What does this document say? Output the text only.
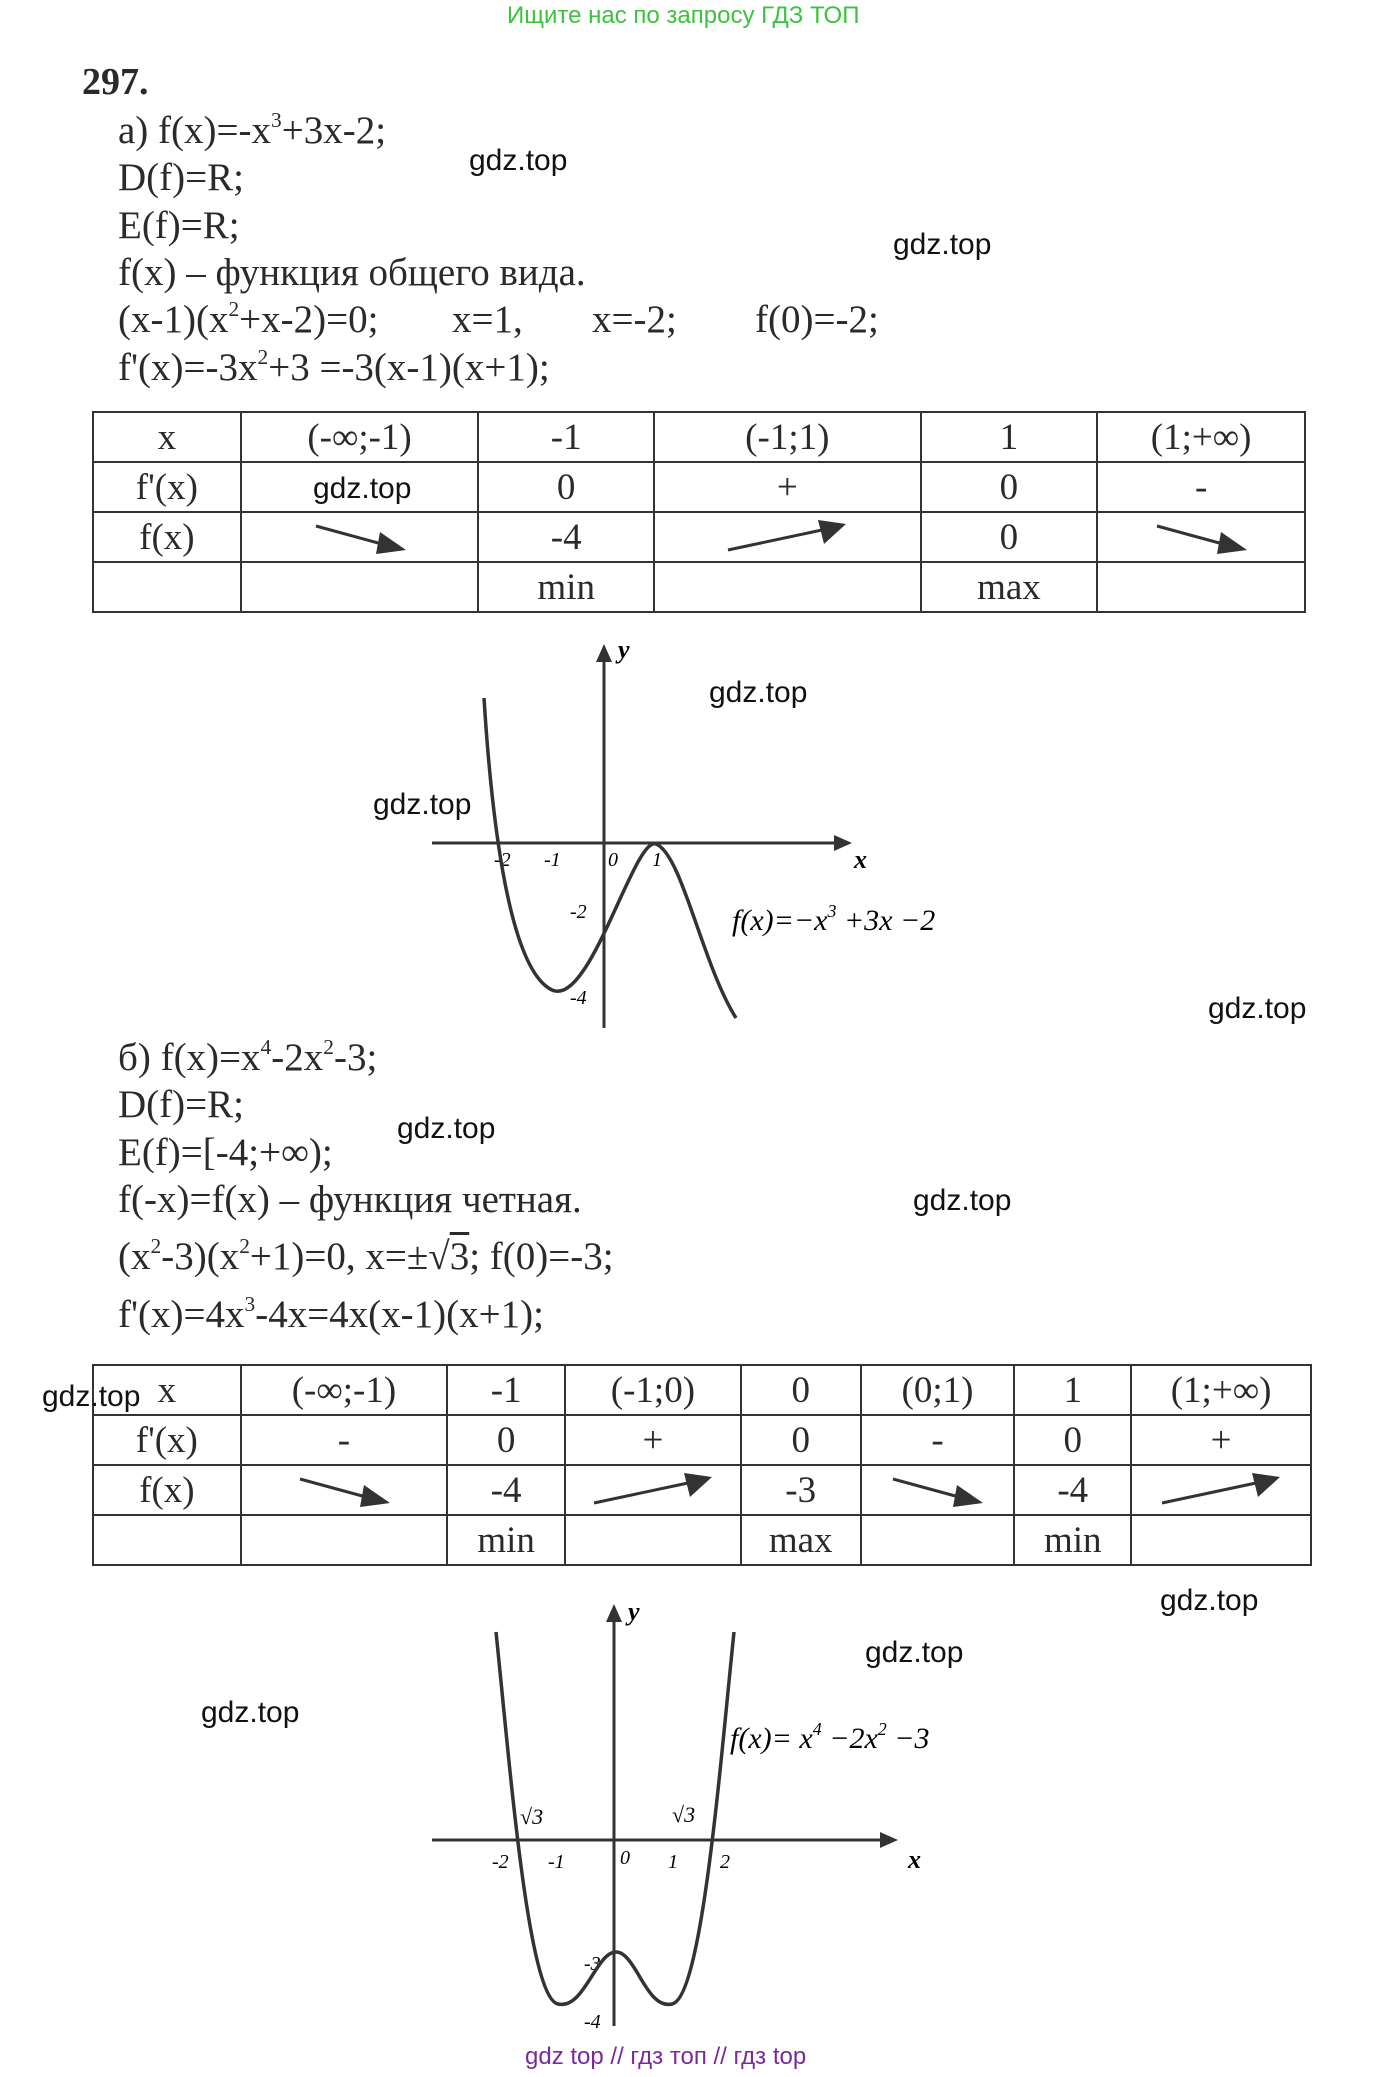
Ищите нас по запросу ГДЗ ТОП
297.
а) $f(x)=-x^3+3x-2$;
D(f)=R;
E(f)=R;
f(x) – функция общего вида.
$(x-1)(x^2+x-2)=0$; x=1, x=-2; f(0)=-2;
$f'(x)=-3x^2+3 =-3(x-1)(x+1)$;
x	(-∞;-1)	-1	(-1;1)	1	(1;+∞)
f'(x)		0	+	0	-
f(x)		-4		0	

		min		max	
y
x
-2 -1 0 1
-2
-4
$f(x)=-x^3 +3x -2$
б) $f(x)=x^4-2x^2-3$;
D(f)=R;
E(f)=[-4;+∞);
f(-x)=f(x) – функция четная.
$(x^2-3)(x^2+1)=0$, x=±√3; f(0)=-3;
$f'(x)=4x^3-4x=4x(x-1)(x+1)$;
x	(-∞;-1)	-1	(-1;0)	0	(0;1)	1	(1;+∞)
f'(x)	-	0	+	0	-	0	+
f(x)		-4		-3		-4	

		min		max		min	
y
x
-2 -1	0 1 2
-3
-4
√3	√3
$f(x)= x^4 -2x^2 -3$
gdz.top
gdz.top
gdz.top
gdz.top
gdz.top
gdz.top
gdz.top
gdz.top
gdz.top
gdz.top
gdz.top
gdz.top
gdz top // гдз топ // гдз top
